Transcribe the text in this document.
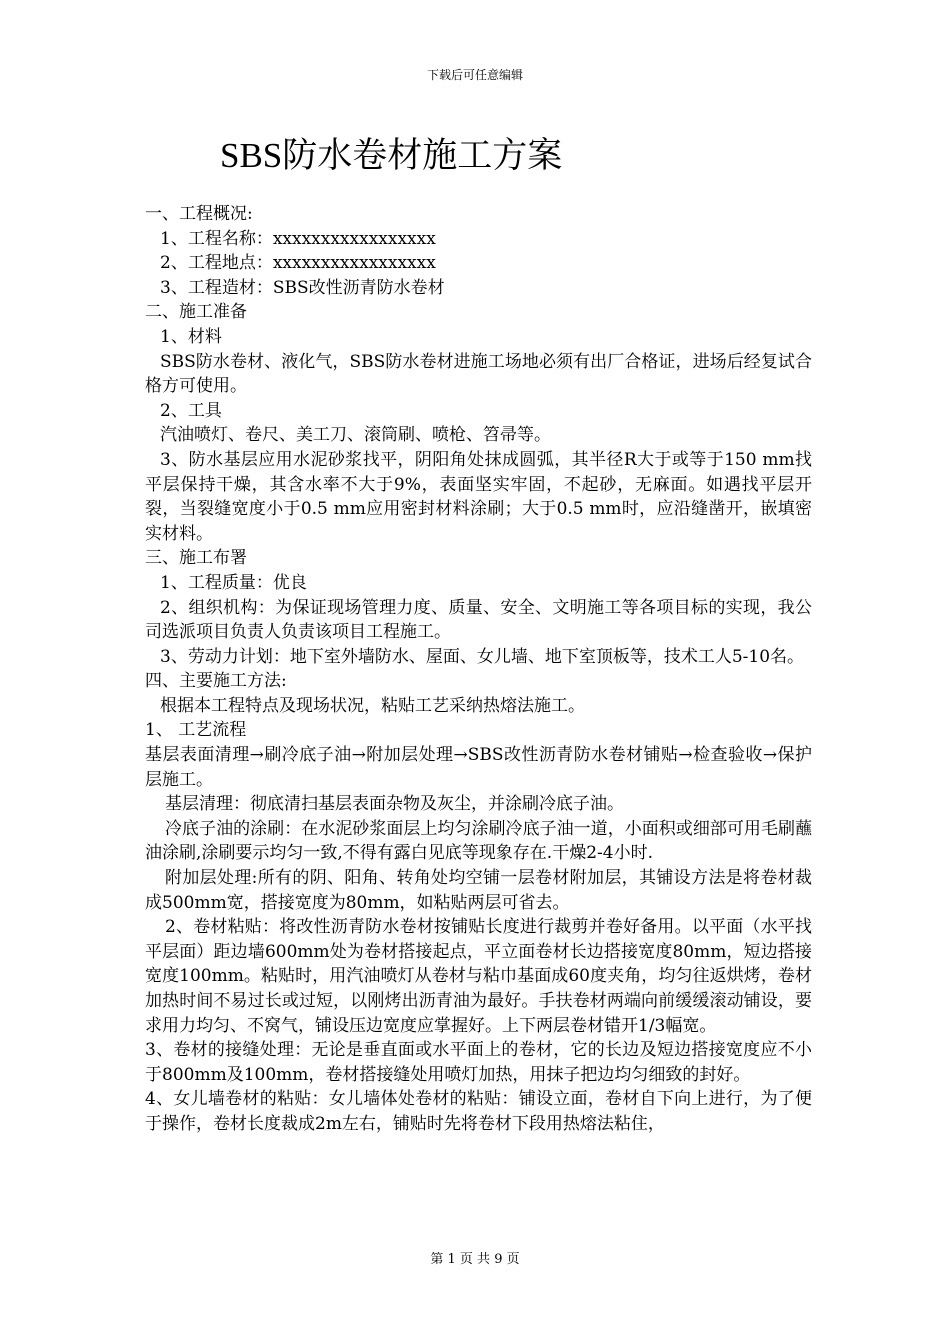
下载后可任意编辑
SBS防水卷材施工方案

一、工程概况:

1、工程名称：xxxxxxxxxxxxxxxxx

2、工程地点：xxxxxxxxxxxxxxxxx

3、工程造材：SBS改性沥青防水卷材

二、施工准备

1、材料

SBS防水卷材、液化气，SBS防水卷材进施工场地必须有出厂合格证，进场后经复试合格方可使用。

2、工具

汽油喷灯、卷尺、美工刀、滚筒刷、喷枪、笤帚等。

3、防水基层应用水泥砂浆找平，阴阳角处抹成圆弧，其半径R大于或等于150 mm找平层保持干燥，其含水率不大于9%，表面坚实牢固，不起砂，无麻面。如遇找平层开裂，当裂缝宽度小于0.5 mm应用密封材料涂刷；大于0.5 mm时，应沿缝凿开，嵌填密实材料。

三、施工布署

1、工程质量：优良

2、组织机构：为保证现场管理力度、质量、安全、文明施工等各项目标的实现，我公司选派项目负责人负责该项目工程施工。

3、劳动力计划：地下室外墙防水、屋面、女儿墙、地下室顶板等，技术工人5-10名。

四、主要施工方法:

根据本工程特点及现场状况，粘贴工艺采纳热熔法施工。

1、 工艺流程

基层表面清理→刷冷底子油→附加层处理→SBS改性沥青防水卷材铺贴→检查验收→保护层施工。

基层清理：彻底清扫基层表面杂物及灰尘，并涂刷冷底子油。

冷底子油的涂刷：在水泥砂浆面层上均匀涂刷冷底子油一道，小面积或细部可用毛刷蘸油涂刷,涂刷要示均匀一致,不得有露白见底等现象存在.干燥2-4小时.

附加层处理:所有的阴、阳角、转角处均空铺一层卷材附加层，其铺设方法是将卷材裁成500mm宽，搭接宽度为80mm，如粘贴两层可省去。

2、卷材粘贴：将改性沥青防水卷材按铺贴长度进行裁剪并卷好备用。以平面（水平找平层面）距边墙600mm处为卷材搭接起点，平立面卷材长边搭接宽度80mm，短边搭接宽度100mm。粘贴时，用汽油喷灯从卷材与粘巾基面成60度夹角，均匀往返烘烤，卷材加热时间不易过长或过短，以刚烤出沥青油为最好。手扶卷材两端向前缓缓滚动铺设，要求用力均匀、不窝气，铺设压边宽度应掌握好。上下两层卷材错开1/3幅宽。

3、卷材的接缝处理：无论是垂直面或水平面上的卷材，它的长边及短边搭接宽度应不小于800mm及100mm，卷材搭接缝处用喷灯加热，用抹子把边均匀细致的封好。

4、女儿墙卷材的粘贴：女儿墙体处卷材的粘贴：铺设立面，卷材自下向上进行，为了便于操作，卷材长度裁成2m左右，铺贴时先将卷材下段用热熔法粘住，

第 1 页 共 9 页
